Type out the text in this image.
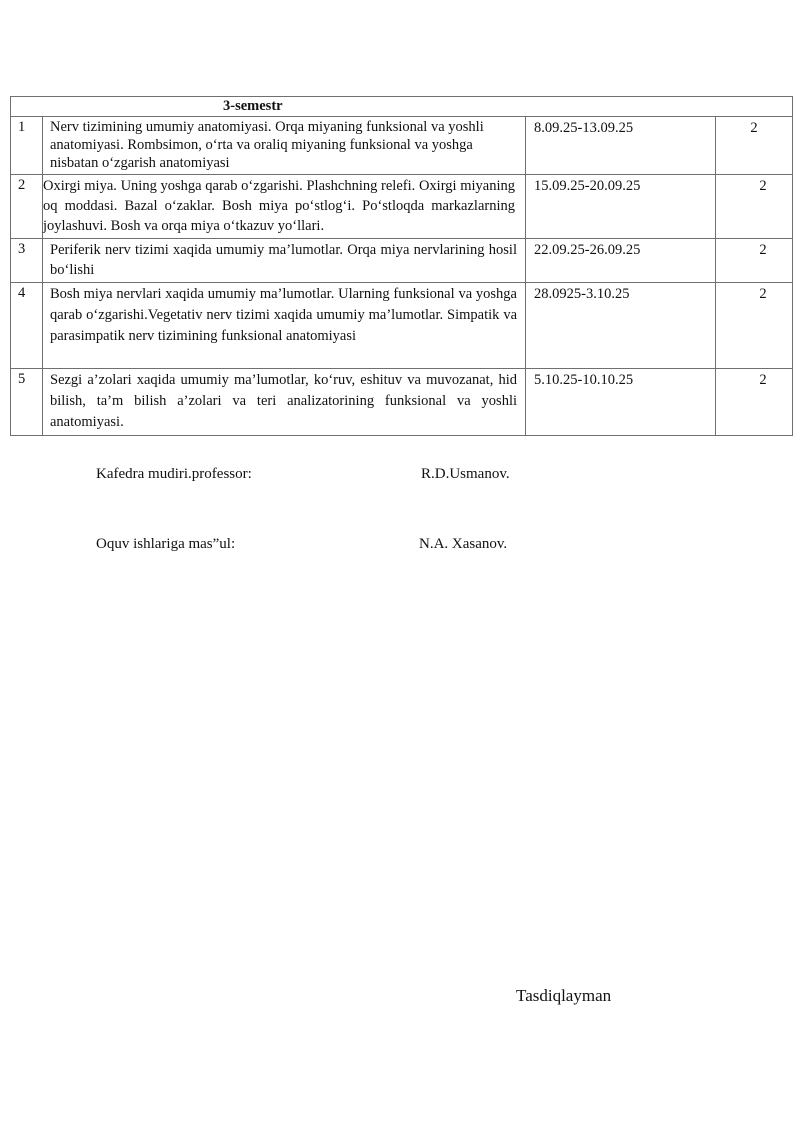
3-semestr			
1	Nerv tizimining umumiy anatomiyasi. Orqa miyaning funksional va yoshli anatomiyasi. Rombsimon, o‘rta va oraliq miyaning funksional va yoshga nisbatan o‘zgarish anatomiyasi	8.09.25-13.09.25	2
2	Oxirgi miya. Uning yoshga qarab o‘zgarishi. Plashchning relefi. Oxirgi miyaning oq moddasi. Bazal o‘zaklar. Bosh miya po‘stlog‘i. Po‘stloqda markazlarning joylashuvi. Bosh va orqa miya o‘tkazuv yo‘llari.	15.09.25-20.09.25	2
3	Periferik nerv tizimi xaqida umumiy ma’lumotlar. Orqa miya nervlarining hosil bo‘lishi	22.09.25-26.09.25	2
4	Bosh miya nervlari xaqida umumiy ma’lumotlar. Ularning funksional va yoshga qarab o‘zgarishi.Vegetativ nerv tizimi xaqida umumiy ma’lumotlar. Simpatik va parasimpatik nerv tizimining funksional anatomiyasi	28.0925-3.10.25	2
5	Sezgi a’zolari xaqida umumiy ma’lumotlar, ko‘ruv, eshituv va muvozanat, hid bilish, ta’m bilish a’zolari va teri analizatorining funksional va yoshli anatomiyasi.	5.10.25-10.10.25	2
Kafedra mudiri.professor:	R.D.Usmanov.
Oquv ishlariga mas”ul:	N.A. Xasanov.
Tasdiqlayman
